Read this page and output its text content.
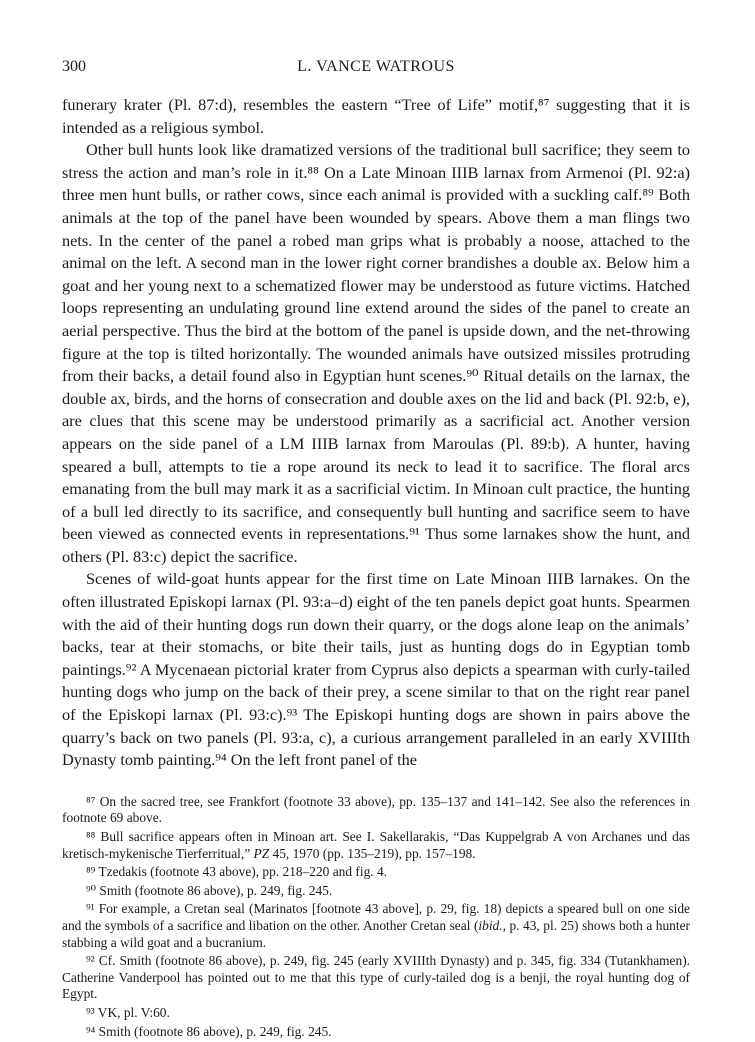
300	L. VANCE WATROUS

funerary krater (Pl. 87:d), resembles the eastern “Tree of Life” motif,⁸⁷ suggesting that it is intended as a religious symbol.

Other bull hunts look like dramatized versions of the traditional bull sacrifice; they seem to stress the action and man’s role in it.⁸⁸ On a Late Minoan IIIB larnax from Armenoi (Pl. 92:a) three men hunt bulls, or rather cows, since each animal is provided with a suckling calf.⁸⁹ Both animals at the top of the panel have been wounded by spears. Above them a man flings two nets. In the center of the panel a robed man grips what is probably a noose, attached to the animal on the left. A second man in the lower right corner brandishes a double ax. Below him a goat and her young next to a schematized flower may be understood as future victims. Hatched loops representing an undulating ground line extend around the sides of the panel to create an aerial perspective. Thus the bird at the bottom of the panel is upside down, and the net-throwing figure at the top is tilted horizontally. The wounded animals have outsized missiles protruding from their backs, a detail found also in Egyptian hunt scenes.⁹⁰ Ritual details on the larnax, the double ax, birds, and the horns of consecration and double axes on the lid and back (Pl. 92:b, e), are clues that this scene may be understood primarily as a sacrificial act. Another version appears on the side panel of a LM IIIB larnax from Maroulas (Pl. 89:b). A hunter, having speared a bull, attempts to tie a rope around its neck to lead it to sacrifice. The floral arcs emanating from the bull may mark it as a sacrificial victim. In Minoan cult practice, the hunting of a bull led directly to its sacrifice, and consequently bull hunting and sacrifice seem to have been viewed as connected events in representations.⁹¹ Thus some larnakes show the hunt, and others (Pl. 83:c) depict the sacrifice.

Scenes of wild-goat hunts appear for the first time on Late Minoan IIIB larnakes. On the often illustrated Episkopi larnax (Pl. 93:a–d) eight of the ten panels depict goat hunts. Spearmen with the aid of their hunting dogs run down their quarry, or the dogs alone leap on the animals’ backs, tear at their stomachs, or bite their tails, just as hunting dogs do in Egyptian tomb paintings.⁹² A Mycenaean pictorial krater from Cyprus also depicts a spearman with curly-tailed hunting dogs who jump on the back of their prey, a scene similar to that on the right rear panel of the Episkopi larnax (Pl. 93:c).⁹³ The Episkopi hunting dogs are shown in pairs above the quarry’s back on two panels (Pl. 93:a, c), a curious arrangement paralleled in an early XVIIIth Dynasty tomb painting.⁹⁴ On the left front panel of the

⁸⁷ On the sacred tree, see Frankfort (footnote 33 above), pp. 135–137 and 141–142. See also the references in footnote 69 above.

⁸⁸ Bull sacrifice appears often in Minoan art. See I. Sakellarakis, “Das Kuppelgrab A von Archanes und das kretisch-mykenische Tierferritual,” PZ 45, 1970 (pp. 135–219), pp. 157–198.

⁸⁹ Tzedakis (footnote 43 above), pp. 218–220 and fig. 4.

⁹⁰ Smith (footnote 86 above), p. 249, fig. 245.

⁹¹ For example, a Cretan seal (Marinatos [footnote 43 above], p. 29, fig. 18) depicts a speared bull on one side and the symbols of a sacrifice and libation on the other. Another Cretan seal (ibid., p. 43, pl. 25) shows both a hunter stabbing a wild goat and a bucranium.

⁹² Cf. Smith (footnote 86 above), p. 249, fig. 245 (early XVIIIth Dynasty) and p. 345, fig. 334 (Tutankhamen). Catherine Vanderpool has pointed out to me that this type of curly-tailed dog is a benji, the royal hunting dog of Egypt.

⁹³ VK, pl. V:60.

⁹⁴ Smith (footnote 86 above), p. 249, fig. 245.
